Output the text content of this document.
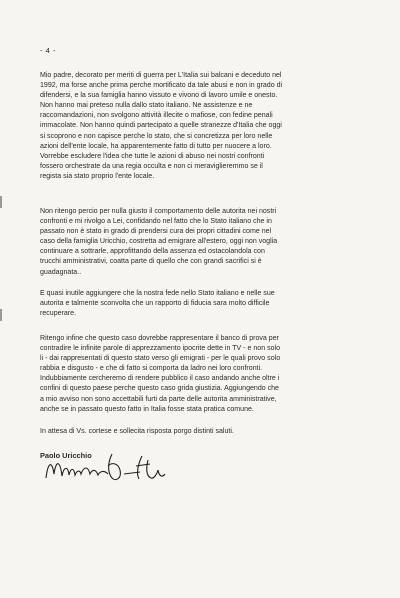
- 4 -
Mio padre, decorato per meriti di guerra per L'Italia sui balcani e deceduto nel
1992, ma forse anche prima perche mortificato da tale abusi e non in grado di
difendersi, e la sua famiglia hanno vissuto e vivono di lavoro umile e onesto.
Non hanno mai preteso nulla dallo stato italiano. Ne assistenze e ne
raccomandazioni, non svolgono attività illecite o mafiose, con fedine penali
immacolate. Non hanno quindi partecipato a quelle stranezze d'Italia che oggi
si scoprono e non capisce perche lo stato, che si concretizza per loro nelle
azioni dell'ente locale, ha apparentemente fatto di tutto per nuocere a loro.
Vorrebbe escludere l'idea che tutte le azioni di abuso nei nostri confronti
fossero orchestrate da una regia occulta e non ci meraviglieremmo se il
regista sia stato proprio l'ente locale.
Non ritengo percio per nulla giusto il comportamento delle autorita nei nostri
confronti e mi rivolgo a Lei, confidando nel fatto che lo Stato italiano che in
passato non è stato in grado di prendersi cura dei propri cittadini come nel
caso della famiglia Uricchio, costretta ad emigrare all'estero, oggi non voglia
continuare a sottrarle, approfittando della assenza ed ostacolandola con
trucchi amministrativi, coatta parte di quello che con grandi sacrifici si è
guadagnata..
E quasi inutile aggiungere che la nostra fede nello Stato italiano e nelle sue
autorita e talmente sconvolta che un rapporto di fiducia sara molto difficile
recuperare.
Ritengo infine che questo caso dovrebbe rappresentare il banco di prova per
contradire le infinite parole di apprezzamento ipocrite dette in TV - e non solo
li - dai rappresentati di questo stato verso gli emigrati - per le quali provo solo
rabbia e disgusto - e che di fatto si comporta da ladro nei loro confronti.
Indubbiamente cercheremo di rendere pubblico il caso andando anche oltre i
confini di questo paese perche questo caso grida giustizia. Aggiungendo che
a mio avviso non sono accettabili furti da parte delle autorita amministrative,
anche se in passato questo fatto in Italia fosse stata pratica comune.
In attesa di Vs. cortese e sollecita risposta porgo distinti saluti.
Paolo Uricchio
